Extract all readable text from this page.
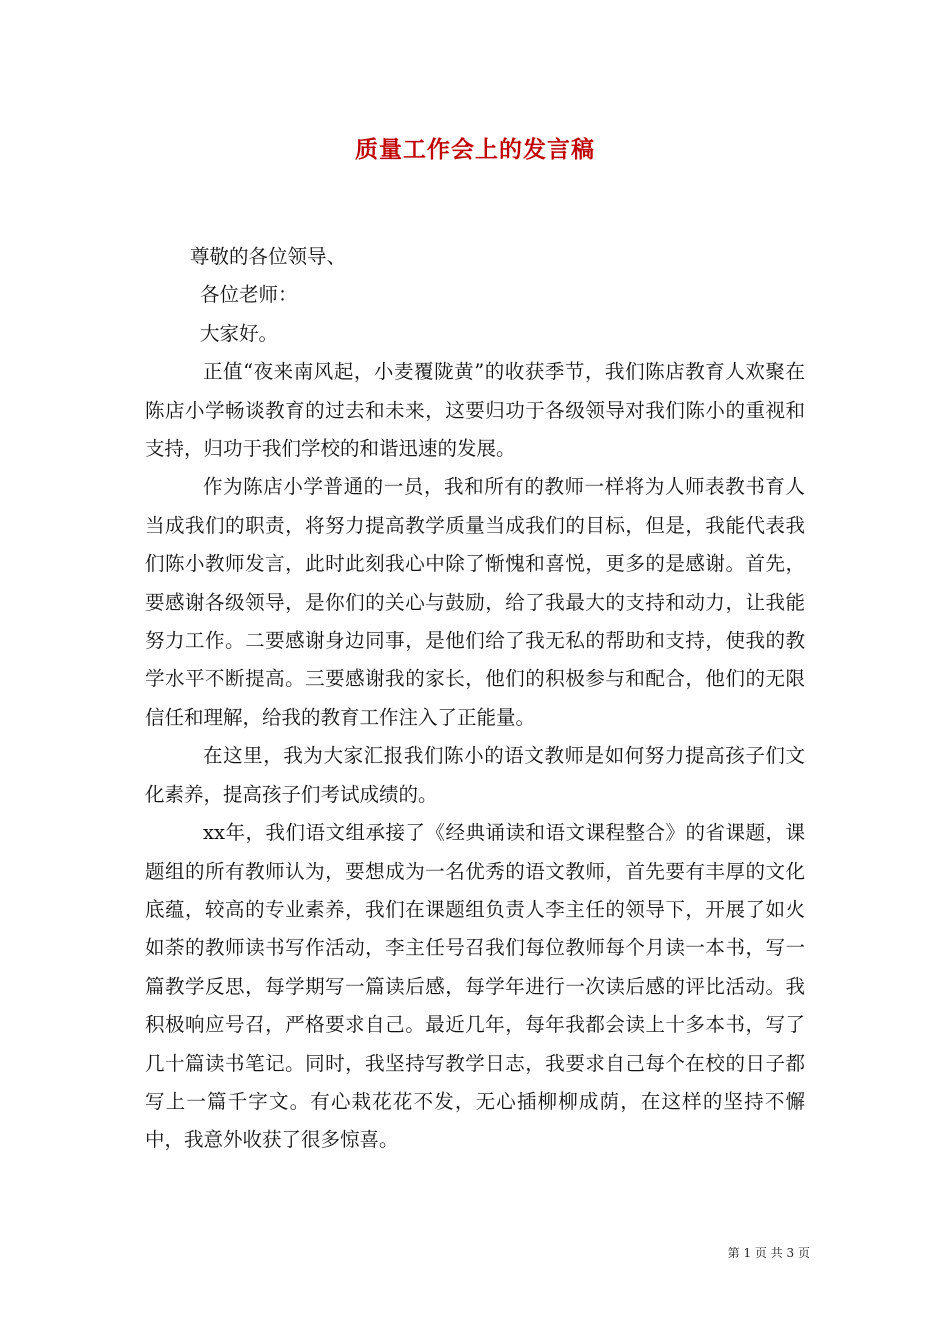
质量工作会上的发言稿

尊敬的各位领导、

各位老师：

大家好。

正值“夜来南风起，小麦覆陇黄”的收获季节，我们陈店教育人欢聚在陈店小学畅谈教育的过去和未来，这要归功于各级领导对我们陈小的重视和支持，归功于我们学校的和谐迅速的发展。

作为陈店小学普通的一员，我和所有的教师一样将为人师表教书育人当成我们的职责，将努力提高教学质量当成我们的目标，但是，我能代表我们陈小教师发言，此时此刻我心中除了惭愧和喜悦，更多的是感谢。首先，要感谢各级领导，是你们的关心与鼓励，给了我最大的支持和动力，让我能努力工作。二要感谢身边同事，是他们给了我无私的帮助和支持，使我的教学水平不断提高。三要感谢我的家长，他们的积极参与和配合，他们的无限信任和理解，给我的教育工作注入了正能量。

在这里，我为大家汇报我们陈小的语文教师是如何努力提高孩子们文化素养，提高孩子们考试成绩的。

xx年，我们语文组承接了《经典诵读和语文课程整合》的省课题，课题组的所有教师认为，要想成为一名优秀的语文教师，首先要有丰厚的文化底蕴，较高的专业素养，我们在课题组负责人李主任的领导下，开展了如火如荼的教师读书写作活动，李主任号召我们每位教师每个月读一本书，写一篇教学反思，每学期写一篇读后感，每学年进行一次读后感的评比活动。我积极响应号召，严格要求自己。最近几年，每年我都会读上十多本书，写了几十篇读书笔记。同时，我坚持写教学日志，我要求自己每个在校的日子都写上一篇千字文。有心栽花花不发，无心插柳柳成荫，在这样的坚持不懈中，我意外收获了很多惊喜。

第 1 页 共 3 页
